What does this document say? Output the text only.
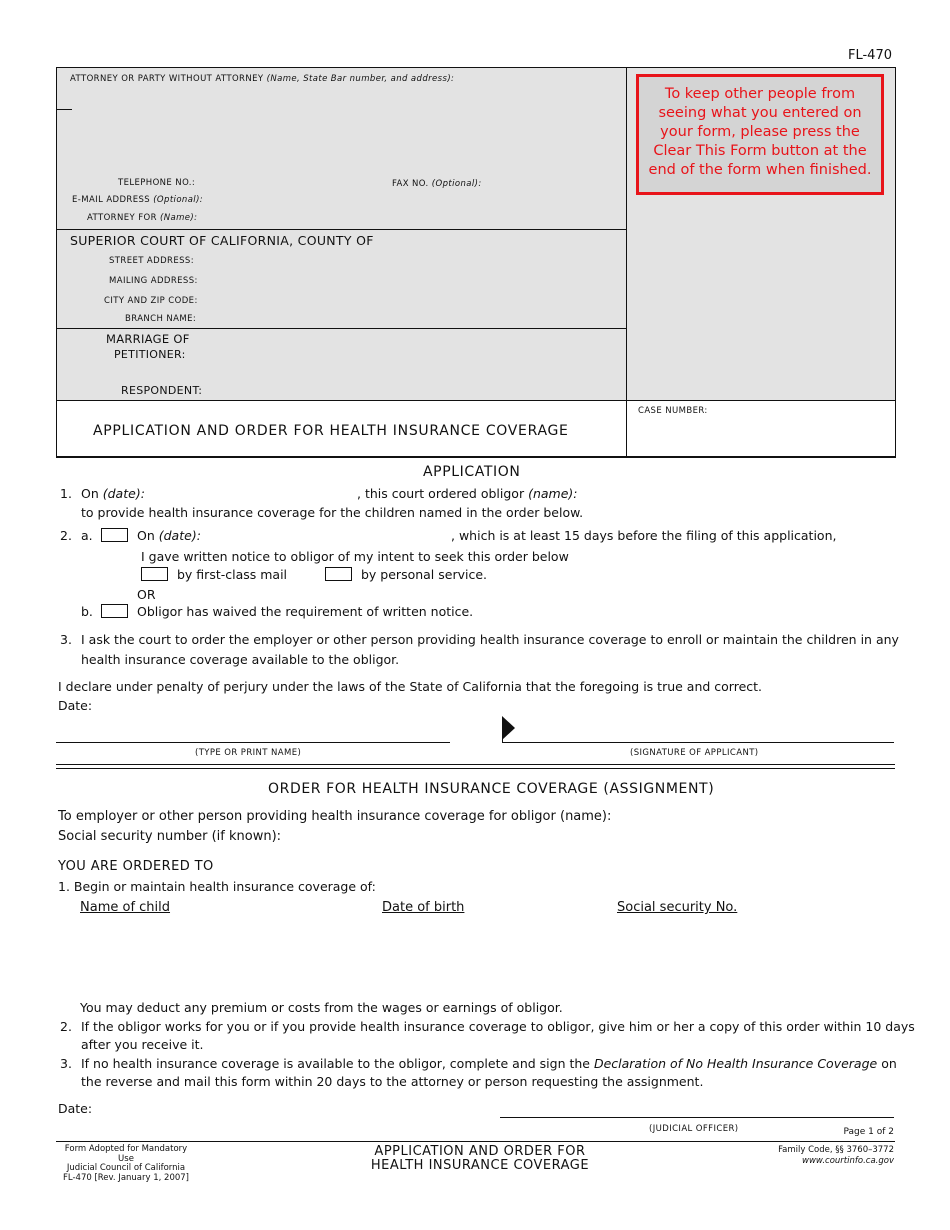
FL-470
ATTORNEY OR PARTY WITHOUT ATTORNEY (Name, State Bar number, and address):
TELEPHONE NO.:	FAX NO. (Optional):
E-MAIL ADDRESS (Optional):
ATTORNEY FOR (Name):
SUPERIOR COURT OF CALIFORNIA, COUNTY OF
STREET ADDRESS:
MAILING ADDRESS:
CITY AND ZIP CODE:
BRANCH NAME:
MARRIAGE OF
PETITIONER:
RESPONDENT:
APPLICATION AND ORDER FOR HEALTH INSURANCE COVERAGE
CASE NUMBER:
To keep other people from seeing what you entered on your form, please press the Clear This Form button at the end of the form when finished.
APPLICATION
1. On (date):	, this court ordered obligor (name):
to provide health insurance coverage for the children named in the order below.
2. a.	On (date):	, which is at least 15 days before the filing of this application,
I gave written notice to obligor of my intent to seek this order below
by first-class mail	by personal service.
OR
b.	Obligor has waived the requirement of written notice.
3. I ask the court to order the employer or other person providing health insurance coverage to enroll or maintain the children in any
health insurance coverage available to the obligor.
I declare under penalty of perjury under the laws of the State of California that the foregoing is true and correct.
Date:
(TYPE OR PRINT NAME)	(SIGNATURE OF APPLICANT)
ORDER FOR HEALTH INSURANCE COVERAGE (ASSIGNMENT)
To employer or other person providing health insurance coverage for obligor (name):
Social security number (if known):
YOU ARE ORDERED TO
1. Begin or maintain health insurance coverage of:
Name of child	Date of birth	Social security No.
You may deduct any premium or costs from the wages or earnings of obligor.
2. If the obligor works for you or if you provide health insurance coverage to obligor, give him or her a copy of this order within 10 days
after you receive it.
3. If no health insurance coverage is available to the obligor, complete and sign the Declaration of No Health Insurance Coverage on
the reverse and mail this form within 20 days to the attorney or person requesting the assignment.
Date:
(JUDICIAL OFFICER)	Page 1 of 2
Form Adopted for Mandatory Use
Judicial Council of California
FL-470 [Rev. January 1, 2007]
APPLICATION AND ORDER FOR
HEALTH INSURANCE COVERAGE
Family Code, §§ 3760–3772
www.courtinfo.ca.gov
